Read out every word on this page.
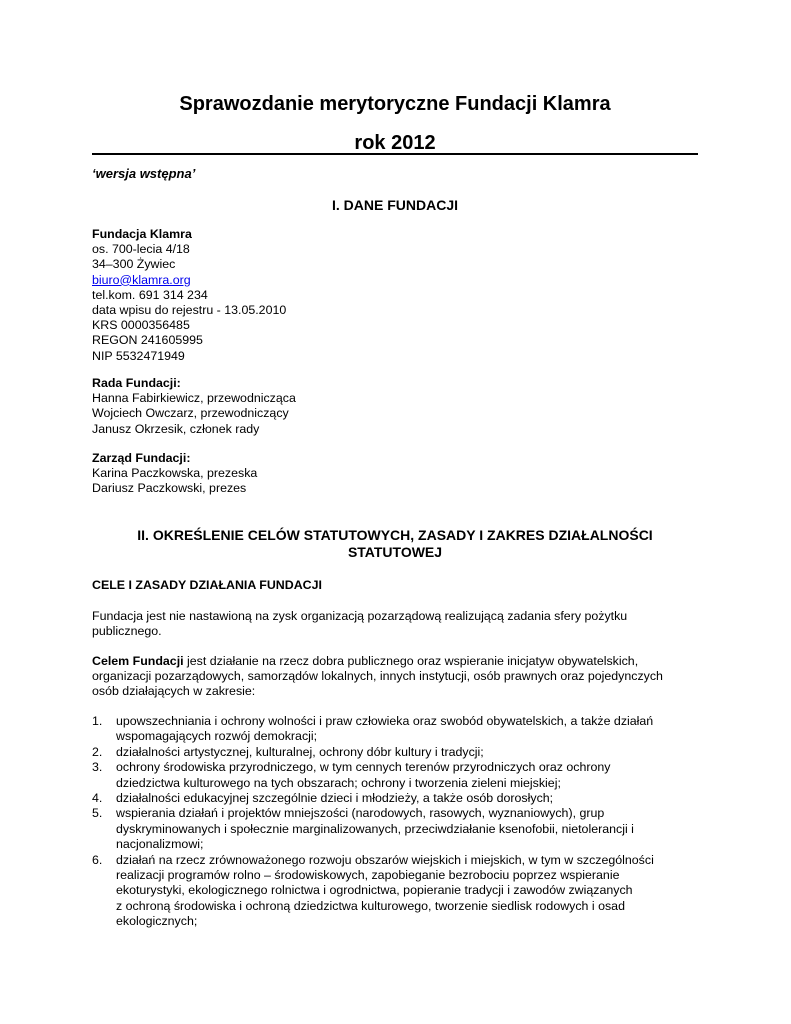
Sprawozdanie merytoryczne Fundacji Klamra

rok 2012

‘wersja wstępna’
I. DANE FUNDACJI
Fundacja Klamra
os. 700-lecia 4/18
34–300 Żywiec
biuro@klamra.org
tel.kom. 691 314 234
data wpisu do rejestru - 13.05.2010
KRS 0000356485
REGON 241605995
NIP 5532471949
Rada Fundacji:
Hanna Fabirkiewicz, przewodnicząca
Wojciech Owczarz, przewodniczący
Janusz Okrzesik, członek rady
Zarząd Fundacji:
Karina Paczkowska, prezeska
Dariusz Paczkowski, prezes
II. OKREŚLENIE CELÓW STATUTOWYCH, ZASADY I ZAKRES DZIAŁALNOŚCI
STATUTOWEJ
CELE I ZASADY DZIAŁANIA FUNDACJI
Fundacja jest nie nastawioną na zysk organizacją pozarządową realizującą zadania sfery pożytku
publicznego.
Celem Fundacji jest działanie na rzecz dobra publicznego oraz wspieranie inicjatyw obywatelskich,
organizacji pozarządowych, samorządów lokalnych, innych instytucji, osób prawnych oraz pojedynczych
osób działających w zakresie:
1. upowszechniania i ochrony wolności i praw człowieka oraz swobód obywatelskich, a także działań
wspomagających rozwój demokracji;
2. działalności artystycznej, kulturalnej, ochrony dóbr kultury i tradycji;
3. ochrony środowiska przyrodniczego, w tym cennych terenów przyrodniczych oraz ochrony
dziedzictwa kulturowego na tych obszarach; ochrony i tworzenia zieleni miejskiej;
4. działalności edukacyjnej szczególnie dzieci i młodzieży, a także osób dorosłych;
5. wspierania działań i projektów mniejszości (narodowych, rasowych, wyznaniowych), grup
dyskryminowanych i społecznie marginalizowanych, przeciwdziałanie ksenofobii, nietolerancji i
nacjonalizmowi;
6. działań na rzecz zrównoważonego rozwoju obszarów wiejskich i miejskich, w tym w szczególności
realizacji programów rolno – środowiskowych, zapobieganie bezrobociu poprzez wspieranie
ekoturystyki, ekologicznego rolnictwa i ogrodnictwa, popieranie tradycji i zawodów związanych
z ochroną środowiska i ochroną dziedzictwa kulturowego, tworzenie siedlisk rodowych i osad
ekologicznych;
